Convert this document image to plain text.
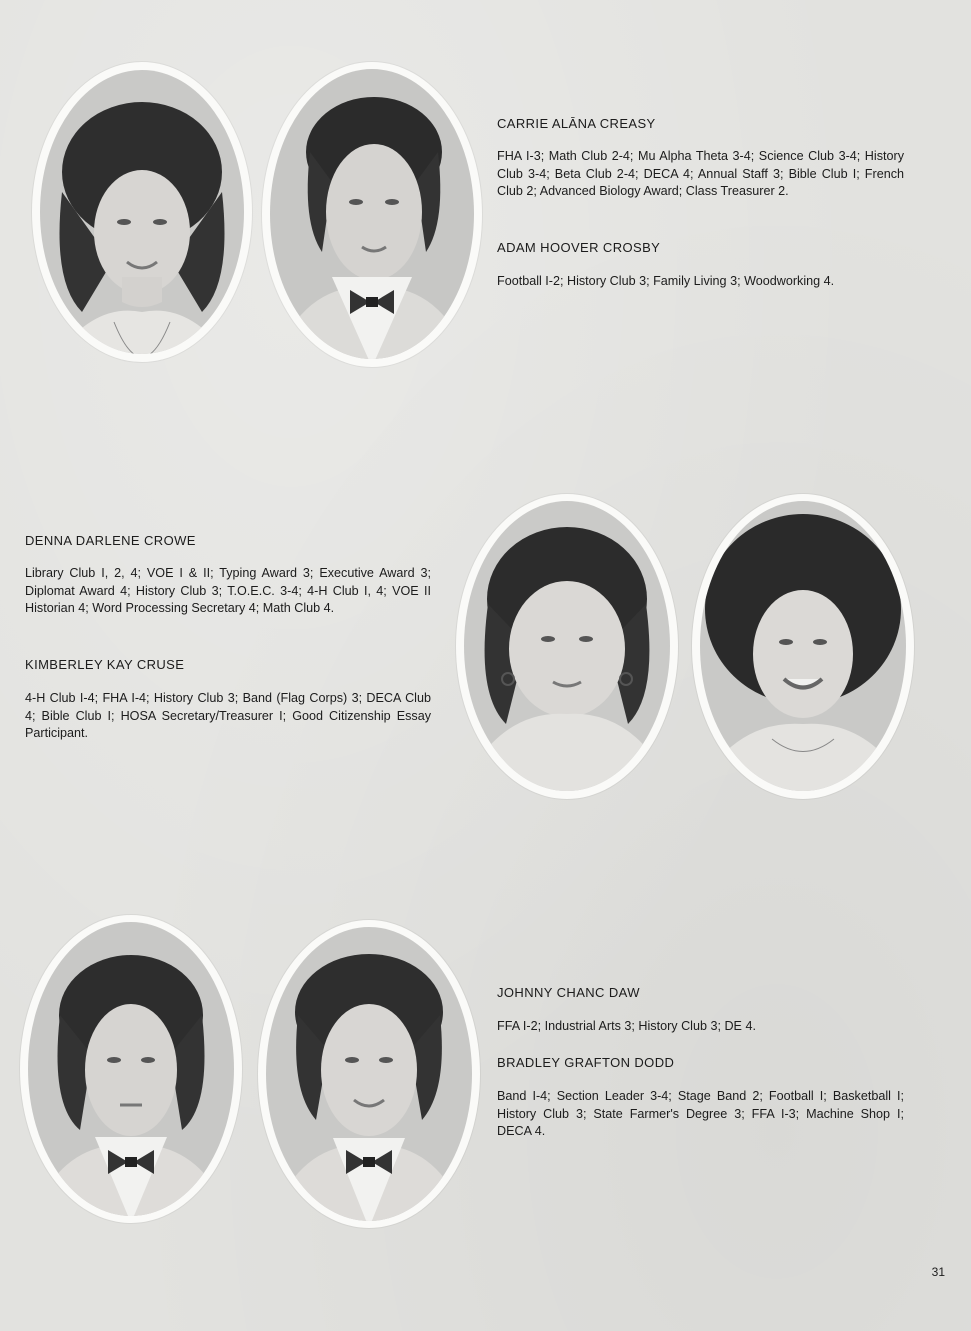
CARRIE ALĀNA CREASY

FHA I-3; Math Club 2-4; Mu Alpha Theta 3-4; Science Club 3-4; History Club 3-4; Beta Club 2-4; DECA 4; Annual Staff 3; Bible Club I; French Club 2; Advanced Biology Award; Class Treasurer 2.

ADAM HOOVER CROSBY

Football I-2; History Club 3; Family Living 3; Woodworking 4.

DENNA DARLENE CROWE

Library Club I, 2, 4; VOE I & II; Typing Award 3; Executive Award 3; Diplomat Award 4; History Club 3; T.O.E.C. 3-4; 4-H Club I, 4; VOE II Historian 4; Word Processing Secretary 4; Math Club 4.

KIMBERLEY KAY CRUSE

4-H Club I-4; FHA I-4; History Club 3; Band (Flag Corps) 3; DECA Club 4; Bible Club I; HOSA Secretary/Treasurer I; Good Citizenship Essay Participant.

JOHNNY CHANC DAW

FFA I-2; Industrial Arts 3; History Club 3; DE 4.

BRADLEY GRAFTON DODD

Band I-4; Section Leader 3-4; Stage Band 2; Football I; Basketball I; History Club 3; State Farmer's Degree 3; FFA I-3; Machine Shop I; DECA 4.

31
